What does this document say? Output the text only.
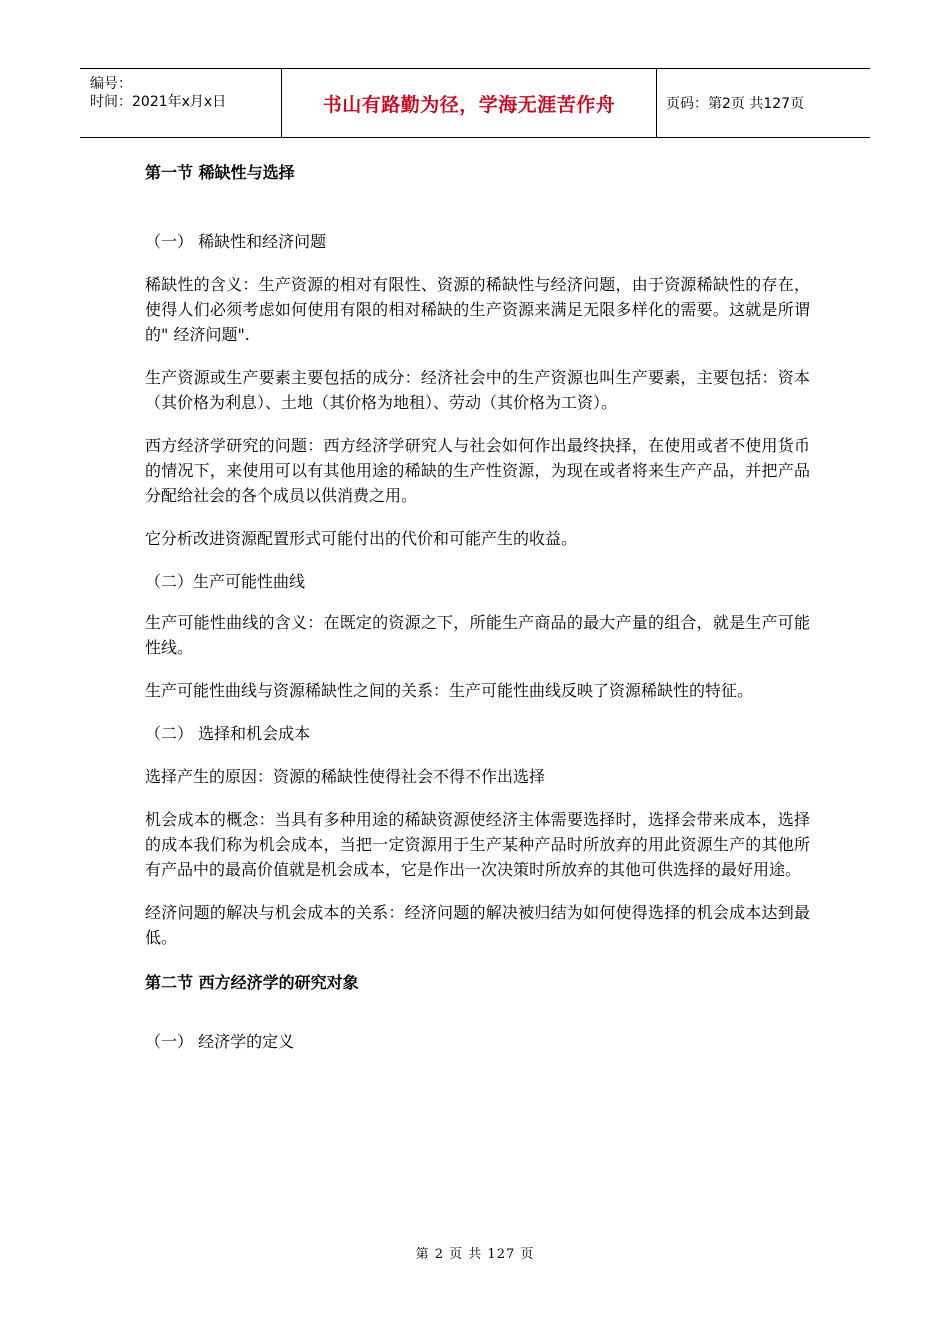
编号：
时间：2021年x月x日	书山有路勤为径，学海无涯苦作舟	页码：第2页 共127页
第一节 稀缺性与选择
（一） 稀缺性和经济问题

稀缺性的含义：生产资源的相对有限性、资源的稀缺性与经济问题，由于资源稀缺性的存在，使得人们必须考虑如何使用有限的相对稀缺的生产资源来满足无限多样化的需要。这就是所谓的" 经济问题".

生产资源或生产要素主要包括的成分：经济社会中的生产资源也叫生产要素，主要包括：资本（其价格为利息）、土地（其价格为地租）、劳动（其价格为工资）。

西方经济学研究的问题：西方经济学研究人与社会如何作出最终抉择，在使用或者不使用货币的情况下，来使用可以有其他用途的稀缺的生产性资源，为现在或者将来生产产品，并把产品分配给社会的各个成员以供消费之用。

它分析改进资源配置形式可能付出的代价和可能产生的收益。

（二）生产可能性曲线

生产可能性曲线的含义：在既定的资源之下，所能生产商品的最大产量的组合，就是生产可能性线。

生产可能性曲线与资源稀缺性之间的关系：生产可能性曲线反映了资源稀缺性的特征。

（二） 选择和机会成本

选择产生的原因：资源的稀缺性使得社会不得不作出选择

机会成本的概念：当具有多种用途的稀缺资源使经济主体需要选择时，选择会带来成本，选择的成本我们称为机会成本，当把一定资源用于生产某种产品时所放弃的用此资源生产的其他所有产品中的最高价值就是机会成本，它是作出一次决策时所放弃的其他可供选择的最好用途。

经济问题的解决与机会成本的关系：经济问题的解决被归结为如何使得选择的机会成本达到最低。

第二节 西方经济学的研究对象
（一） 经济学的定义
第 2 页 共 127 页
